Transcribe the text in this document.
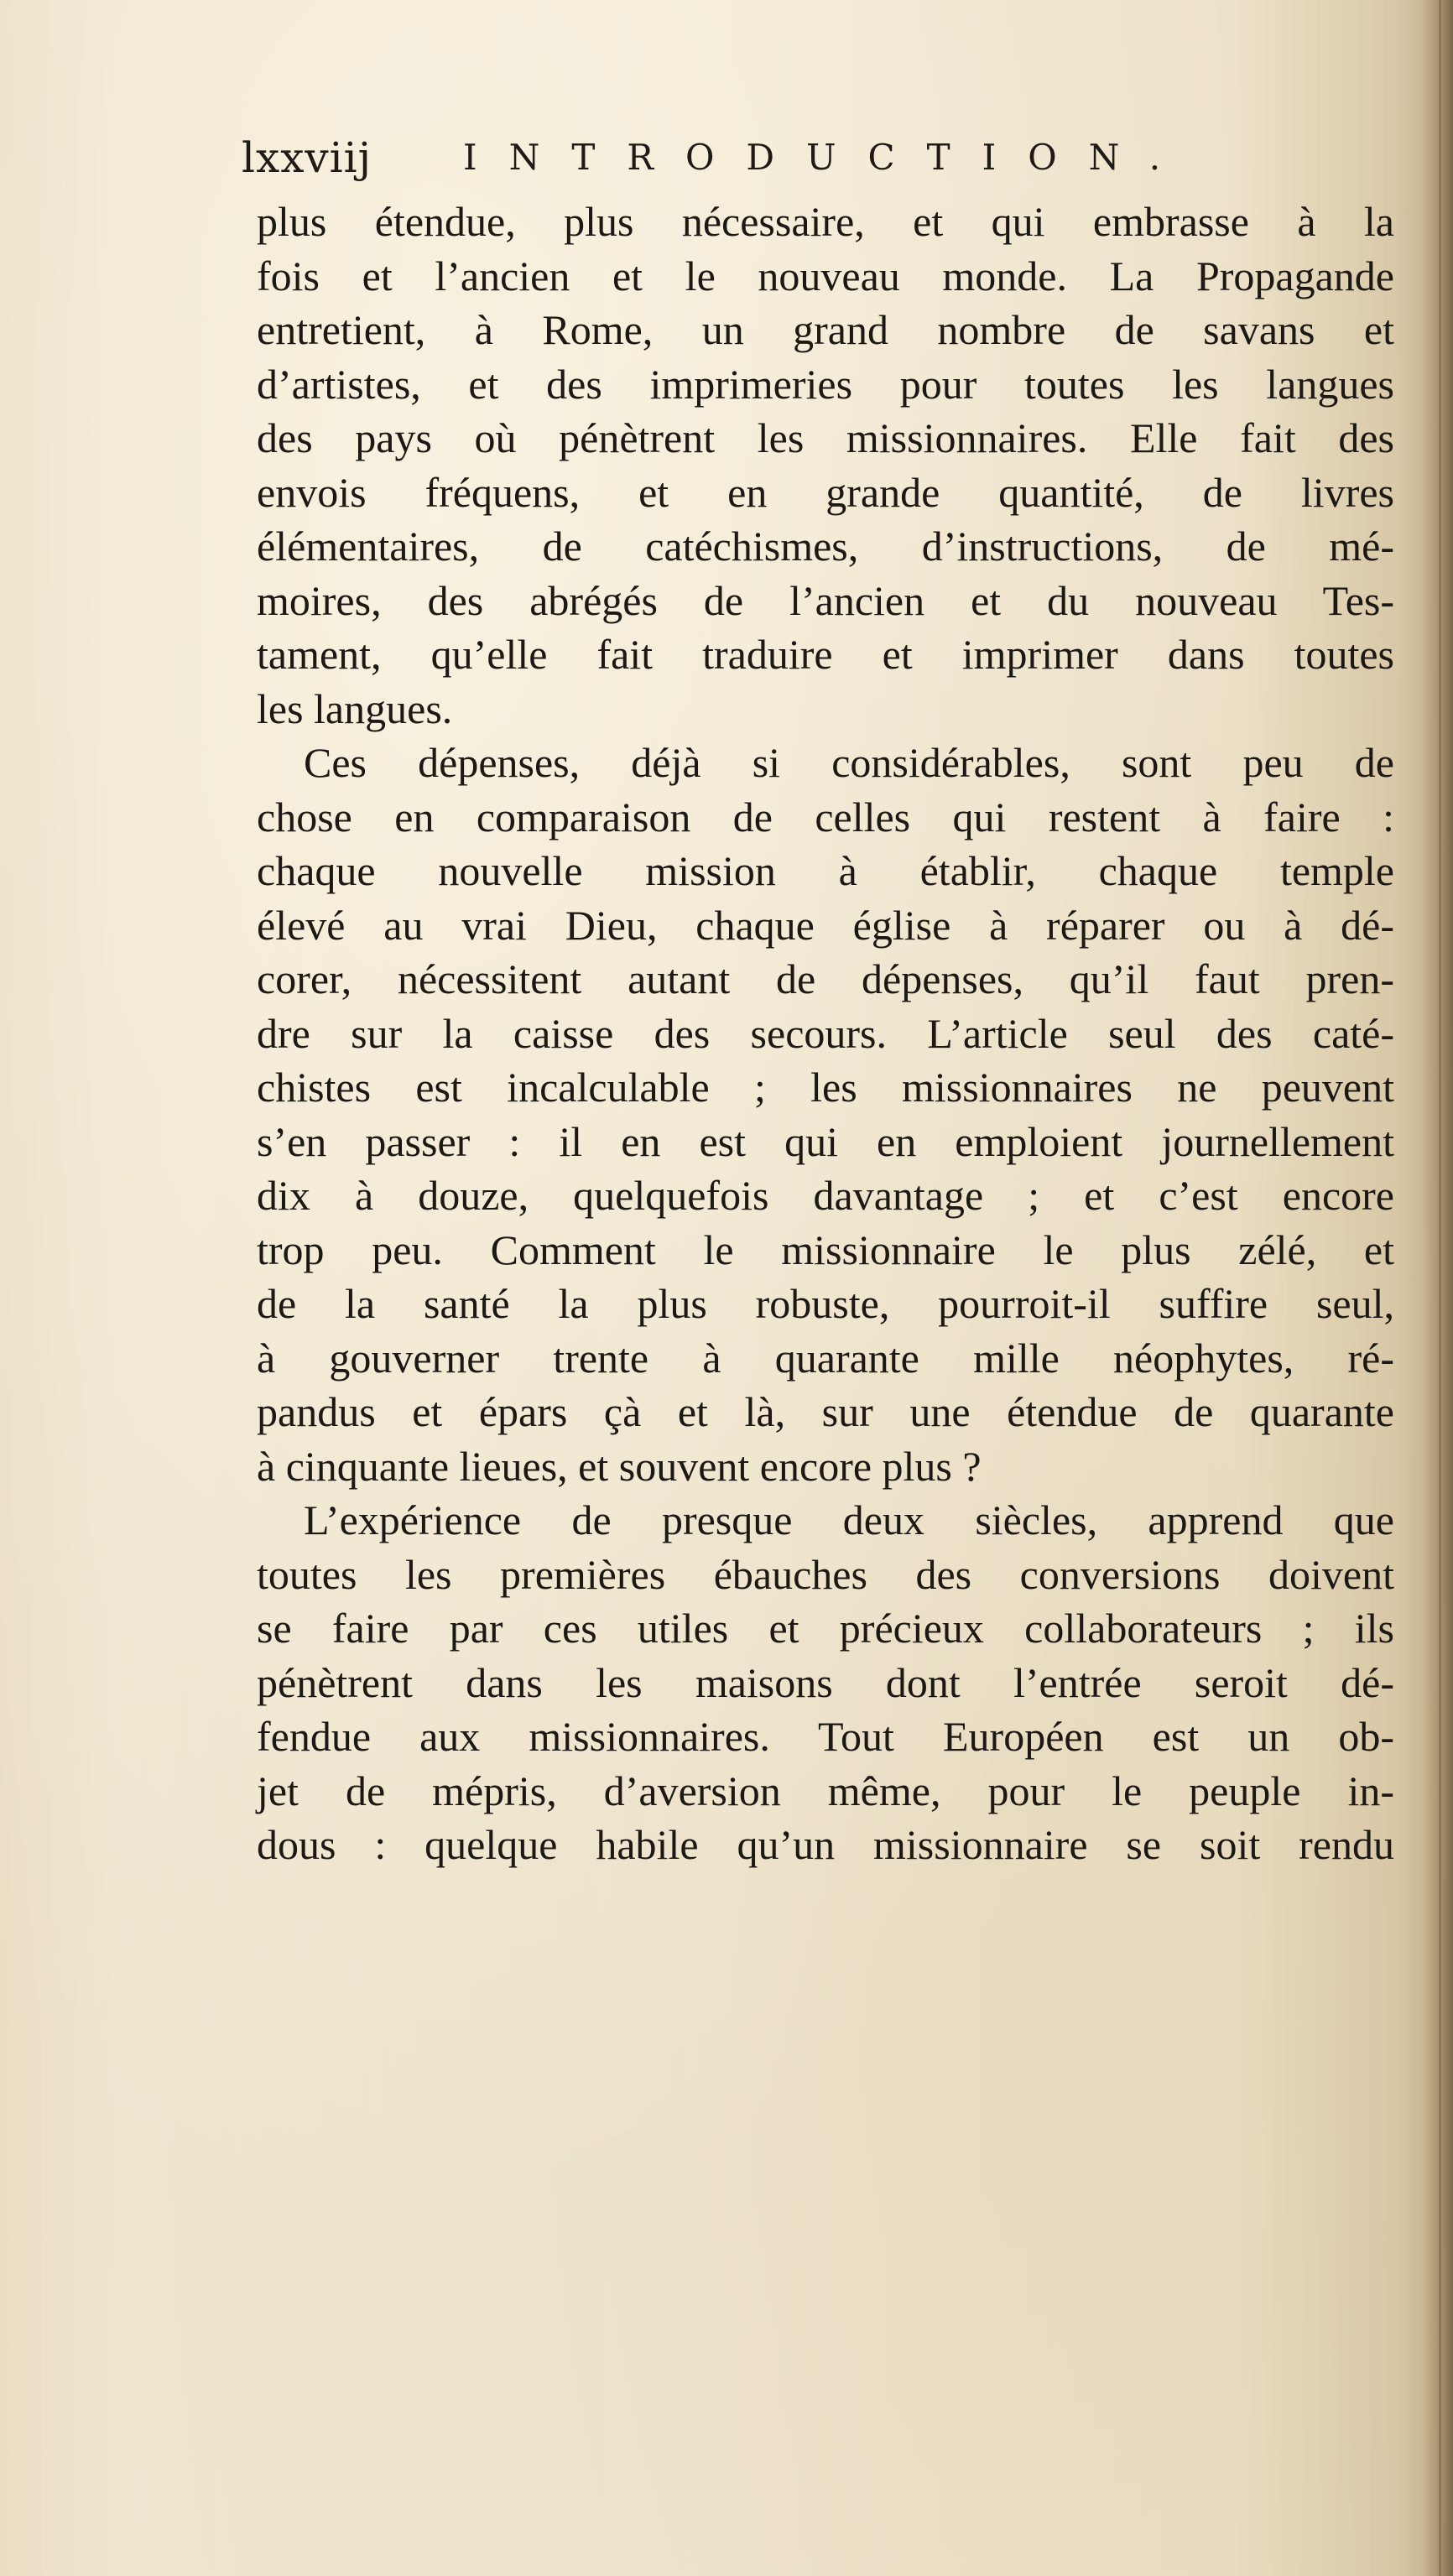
lxxviij	INTRODUCTION.
plus étendue, plus nécessaire, et qui embrasse à la
fois et l’ancien et le nouveau monde. La Propagande
entretient, à Rome, un grand nombre de savans et
d’artistes, et des imprimeries pour toutes les langues
des pays où pénètrent les missionnaires. Elle fait des
envois fréquens, et en grande quantité, de livres
élémentaires, de catéchismes, d’instructions, de mé-
moires, des abrégés de l’ancien et du nouveau Tes-
tament, qu’elle fait traduire et imprimer dans toutes
les langues.
Ces dépenses, déjà si considérables, sont peu de
chose en comparaison de celles qui restent à faire :
chaque nouvelle mission à établir, chaque temple
élevé au vrai Dieu, chaque église à réparer ou à dé-
corer, nécessitent autant de dépenses, qu’il faut pren-
dre sur la caisse des secours. L’article seul des caté-
chistes est incalculable ; les missionnaires ne peuvent
s’en passer : il en est qui en emploient journellement
dix à douze, quelquefois davantage ; et c’est encore
trop peu. Comment le missionnaire le plus zélé, et
de la santé la plus robuste, pourroit-il suffire seul,
à gouverner trente à quarante mille néophytes, ré-
pandus et épars çà et là, sur une étendue de quarante
à cinquante lieues, et souvent encore plus ?
L’expérience de presque deux siècles, apprend que
toutes les premières ébauches des conversions doivent
se faire par ces utiles et précieux collaborateurs ; ils
pénètrent dans les maisons dont l’entrée seroit dé-
fendue aux missionnaires. Tout Européen est un ob-
jet de mépris, d’aversion même, pour le peuple in-
dous : quelque habile qu’un missionnaire se soit rendu
